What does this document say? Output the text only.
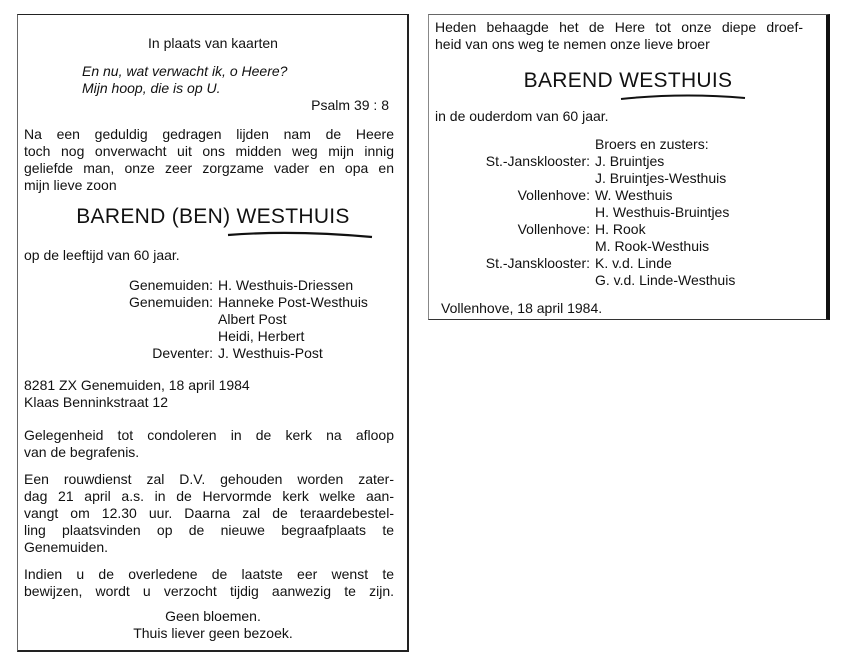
In plaats van kaarten
En nu, wat verwacht ik, o Heere?
Mijn hoop, die is op U.
Psalm 39 : 8
Na een geduldig gedragen lijden nam de Heere
toch nog onverwacht uit ons midden weg mijn innig
geliefde man, onze zeer zorgzame vader en opa en
mijn lieve zoon
BAREND (BEN) WESTHUIS
op de leeftijd van 60 jaar.
Genemuiden: H. Westhuis-Driessen
Genemuiden: Hanneke Post-Westhuis
Albert Post
Heidi, Herbert
Deventer: J. Westhuis-Post
8281 ZX Genemuiden, 18 april 1984
Klaas Benninkstraat 12
Gelegenheid tot condoleren in de kerk na afloop
van de begrafenis.
Een rouwdienst zal D.V. gehouden worden zater-
dag 21 april a.s. in de Hervormde kerk welke aan-
vangt om 12.30 uur. Daarna zal de teraardebestel-
ling plaatsvinden op de nieuwe begraafplaats te
Genemuiden.
Indien u de overledene de laatste eer wenst te
bewijzen, wordt u verzocht tijdig aanwezig te zijn.
Geen bloemen.
Thuis liever geen bezoek.
Heden behaagde het de Here tot onze diepe droef-
heid van ons weg te nemen onze lieve broer
BAREND WESTHUIS
in de ouderdom van 60 jaar.
Broers en zusters:
St.-Jansklooster: J. Bruintjes
J. Bruintjes-Westhuis
Vollenhove: W. Westhuis
H. Westhuis-Bruintjes
Vollenhove: H. Rook
M. Rook-Westhuis
St.-Jansklooster: K. v.d. Linde
G. v.d. Linde-Westhuis
Vollenhove, 18 april 1984.
